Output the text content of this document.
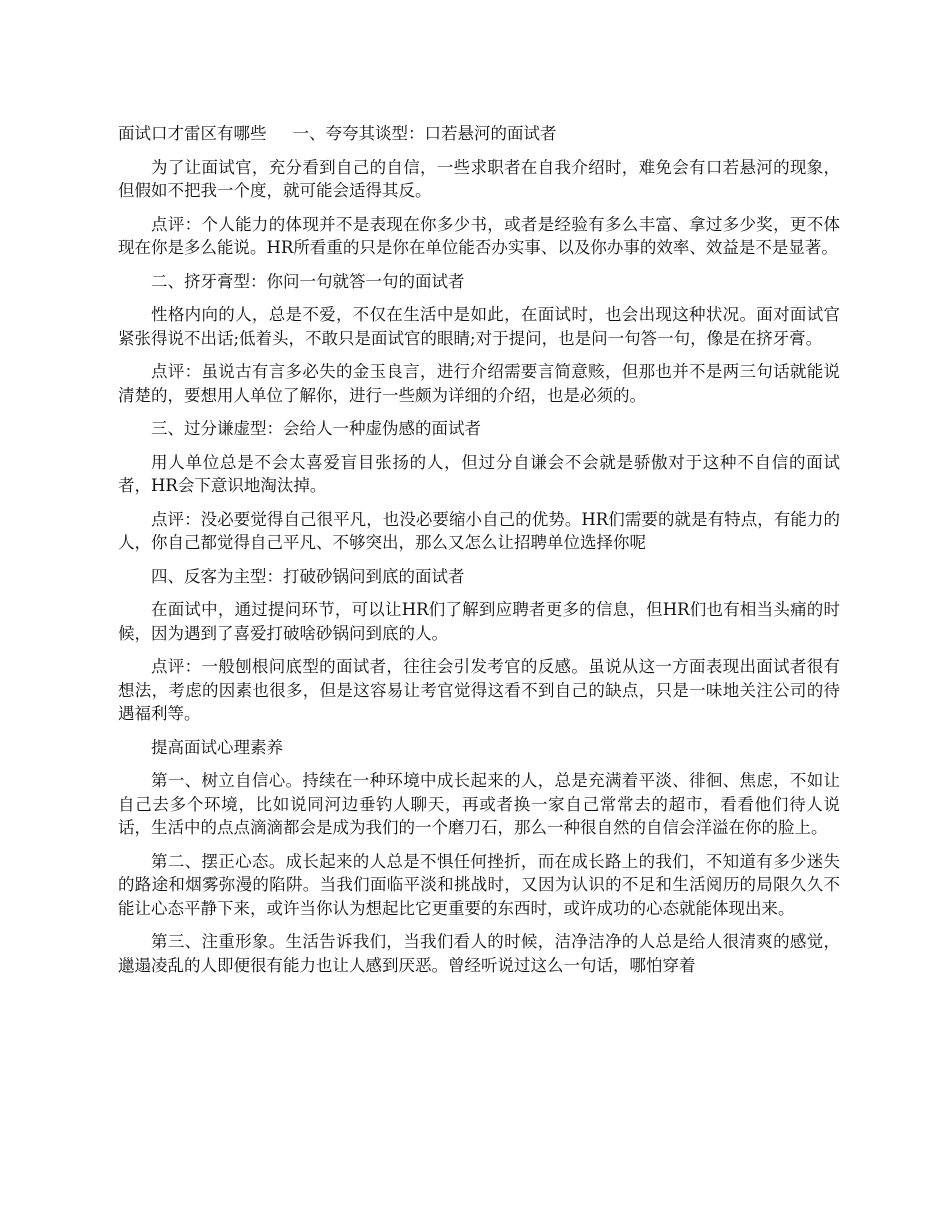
面试口才雷区有哪些 一、夸夸其谈型：口若悬河的面试者

为了让面试官，充分看到自己的自信，一些求职者在自我介绍时，难免会有口若悬河的现象，但假如不把我一个度，就可能会适得其反。

点评：个人能力的体现并不是表现在你多少书，或者是经验有多么丰富、拿过多少奖，更不体现在你是多么能说。HR所看重的只是你在单位能否办实事、以及你办事的效率、效益是不是显著。

二、挤牙膏型：你问一句就答一句的面试者

性格内向的人，总是不爱，不仅在生活中是如此，在面试时，也会出现这种状况。面对面试官紧张得说不出话;低着头，不敢只是面试官的眼睛;对于提问，也是问一句答一句，像是在挤牙膏。

点评：虽说古有言多必失的金玉良言，进行介绍需要言简意赅，但那也并不是两三句话就能说清楚的，要想用人单位了解你，进行一些颇为详细的介绍，也是必须的。

三、过分谦虚型：会给人一种虚伪感的面试者

用人单位总是不会太喜爱盲目张扬的人，但过分自谦会不会就是骄傲对于这种不自信的面试者，HR会下意识地淘汰掉。

点评：没必要觉得自己很平凡，也没必要缩小自己的优势。HR们需要的就是有特点，有能力的人，你自己都觉得自己平凡、不够突出，那么又怎么让招聘单位选择你呢

四、反客为主型：打破砂锅问到底的面试者

在面试中，通过提问环节，可以让HR们了解到应聘者更多的信息，但HR们也有相当头痛的时候，因为遇到了喜爱打破啥砂锅问到底的人。

点评：一般刨根问底型的面试者，往往会引发考官的反感。虽说从这一方面表现出面试者很有想法，考虑的因素也很多，但是这容易让考官觉得这看不到自己的缺点，只是一味地关注公司的待遇福利等。

提高面试心理素养

第一、树立自信心。持续在一种环境中成长起来的人，总是充满着平淡、徘徊、焦虑，不如让自己去多个环境，比如说同河边垂钓人聊天，再或者换一家自己常常去的超市，看看他们待人说话，生活中的点点滴滴都会是成为我们的一个磨刀石，那么一种很自然的自信会洋溢在你的脸上。

第二、摆正心态。成长起来的人总是不惧任何挫折，而在成长路上的我们，不知道有多少迷失的路途和烟雾弥漫的陷阱。当我们面临平淡和挑战时，又因为认识的不足和生活阅历的局限久久不能让心态平静下来，或许当你认为想起比它更重要的东西时，或许成功的心态就能体现出来。

第三、注重形象。生活告诉我们，当我们看人的时候，洁净洁净的人总是给人很清爽的感觉，邋遢凌乱的人即便很有能力也让人感到厌恶。曾经听说过这么一句话，哪怕穿着
